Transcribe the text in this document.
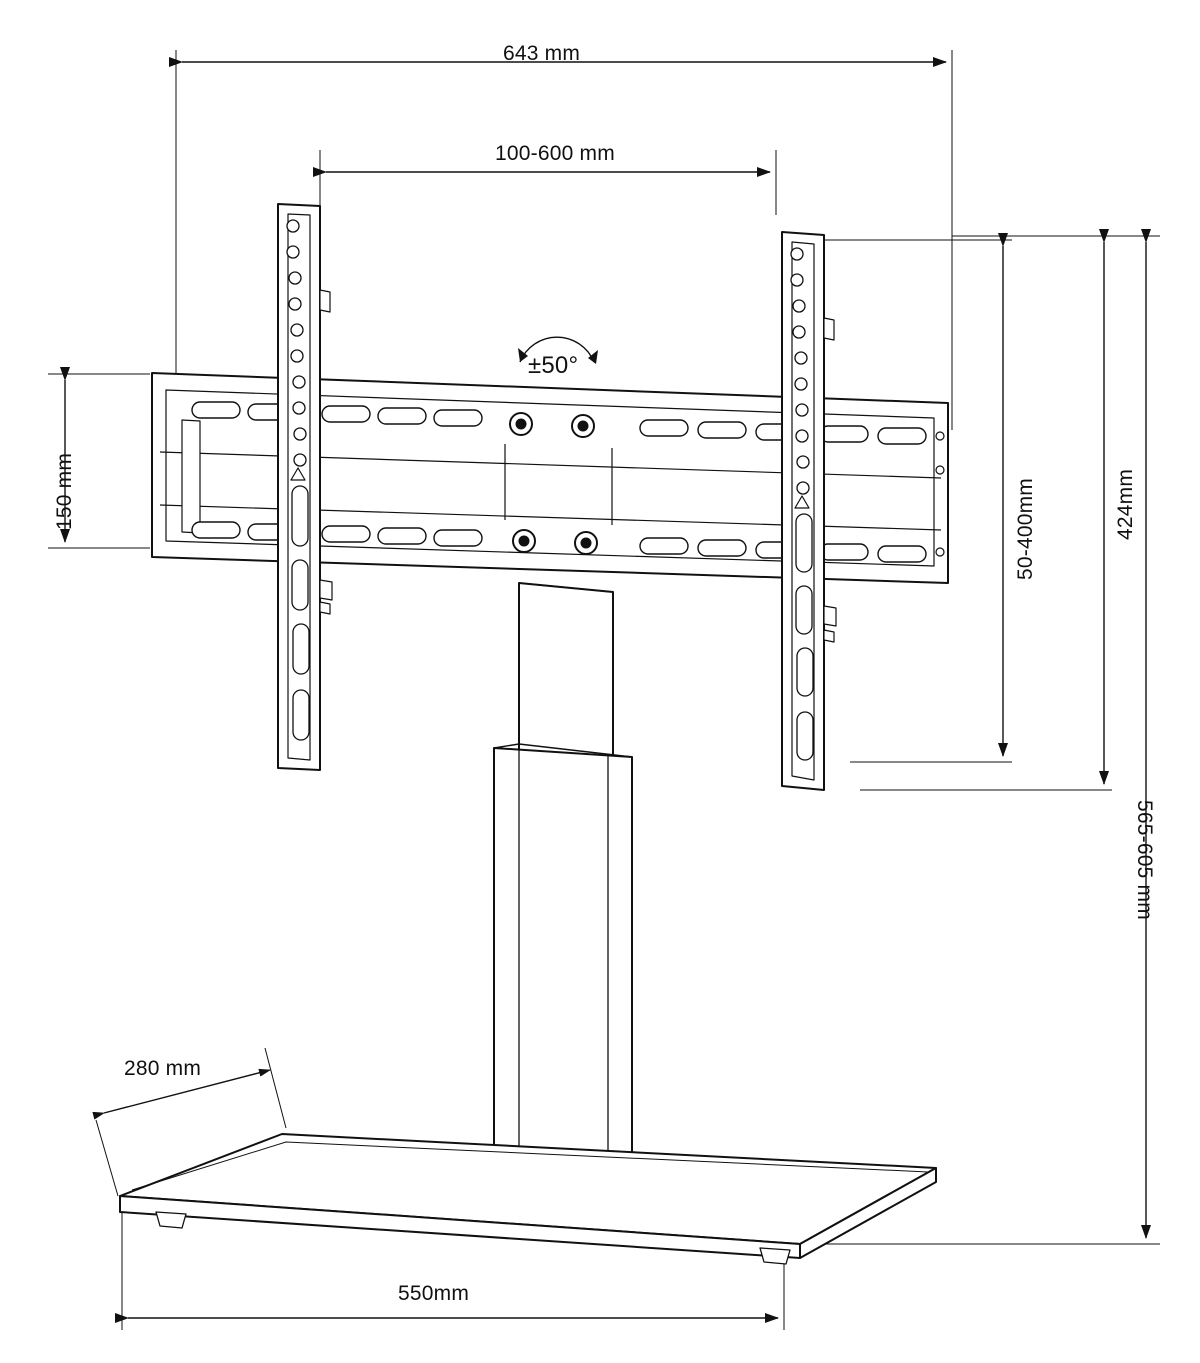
643 mm
100-600 mm
150 mm
±50°
50-400mm	424mm
565-605 mm
280 mm
550mm
